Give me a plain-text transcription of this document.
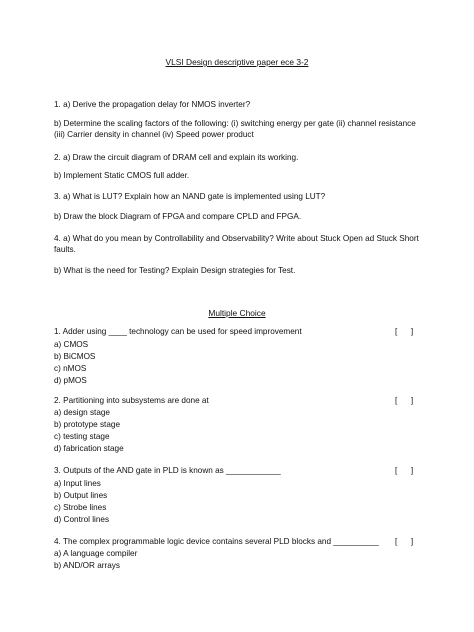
VLSI Design descriptive paper ece 3-2
1. a) Derive the propagation delay for NMOS inverter?
b) Determine the scaling factors of the following: (i) switching energy per gate (ii) channel resistance (iii) Carrier density in channel (iv) Speed power product
2. a) Draw the circuit diagram of DRAM cell and explain its working.
b) Implement Static CMOS full adder.
3. a) What is LUT? Explain how an NAND gate is implemented using LUT?
b) Draw the block Diagram of FPGA and compare CPLD and FPGA.
4. a) What do you mean by Controllability and Observability? Write about Stuck Open ad Stuck Short faults.
b) What is the need for Testing? Explain Design strategies for Test.
Multiple Choice
1. Adder using ____ technology can be used for speed improvement	[      ]
a) CMOS
b) BiCMOS
c) nMOS
d) pMOS
2. Partitioning into subsystems are done at	[      ]
a) design stage
b) prototype stage
c) testing stage
d) fabrication stage
3. Outputs of the AND gate in PLD is known as ____________	[      ]
a) Input lines
b) Output lines
c) Strobe lines
d) Control lines
4. The complex programmable logic device contains several PLD blocks and __________ [      ]
a) A language compiler
b) AND/OR arrays
